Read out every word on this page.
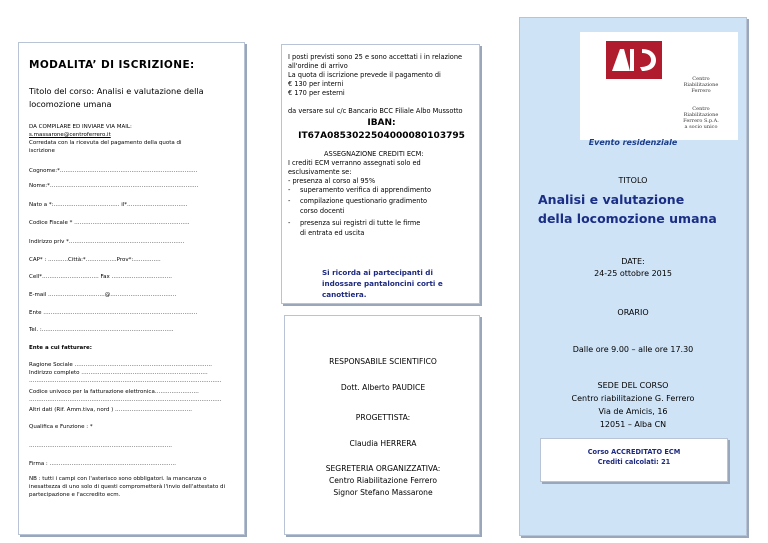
MODALITA’ DI ISCRIZIONE:
Titolo del corso: Analisi e valutazione della locomozione umana
DA COMPILARE ED INVIARE VIA MAIL:
s.massarone@centroferrero.it
Corredata con la ricevuta del pagamento della quota di
iscrizione
Cognome:*…………………………………………………………………
Nome:*………………………………………………………………………
Nato a *:……………………………… il*……………………………
Codice Fiscale * ………………………………………………………
Indirizzo priv *………………………………………………………
CAP* : ………..Città:*……………..Prov*:……………
Cell*…………………………. Fax ……………………………
E-mail ………………………….@………………………………
Ente …………………………………………………………………………
Tel. :………………………………………………………………
Ente a cui fatturare:
Ragione Sociale …………………………………………………………………
Indirizzo completo ……………………………………………………………
……………………………………………………………………………………………
Codice univoco per la fatturazione elettronica……………………
……………………………………………………………………………………………
Altri dati (Rif. Amm.tiva, nord ) ……………………………………
Qualifica e Funzione : *
……………………………………………………………………
Firma : ……………………………………………………………
NB : tutti i campi con l'asterisco sono obbligatori. la mancanza o inesattezza di uno solo di questi comprometterà l'invio dell'attestato di partecipazione e l'accredito ecm.
I posti previsti sono 25 e sono accettati i in relazione
all'ordine di arrivo
La quota di iscrizione prevede il pagamento di
€ 130 per interni
€ 170 per esterni
da versare sul c/c Bancario BCC Filiale Albo Mussotto
IBAN:
IT67A0853022504000080103795
ASSEGNAZIONE CREDITI ECM:
I crediti ECM verranno assegnati solo ed
esclusivamente se:
- presenza al corso al 95%
- superamento verifica di apprendimento
- compilazione questionario gradimento
corso docenti
- presenza sui registri di tutte le firme
di entrata ed uscita
Si ricorda ai partecipanti di indossare pantaloncini corti e canottiera.
RESPONSABILE SCIENTIFICO
Dott. Alberto PAUDICE
PROGETTISTA:
Claudia HERRERA
SEGRETERIA ORGANIZZATIVA:
Centro Riabilitazione Ferrero
Signor Stefano Massarone
Centro
Riabilitazione
Ferrero
Centro
Riabilitazione
Ferrero S.p.A.
a socio unico
Evento residenziale
TITOLO
Analisi e valutazione
della locomozione umana
DATE:
24-25 ottobre 2015
ORARIO
Dalle ore 9.00 – alle ore 17.30
SEDE DEL CORSO
Centro riabilitazione G. Ferrero
Via de Amicis, 16
12051 – Alba CN
Corso ACCREDITATO ECM
Crediti calcolati: 21
